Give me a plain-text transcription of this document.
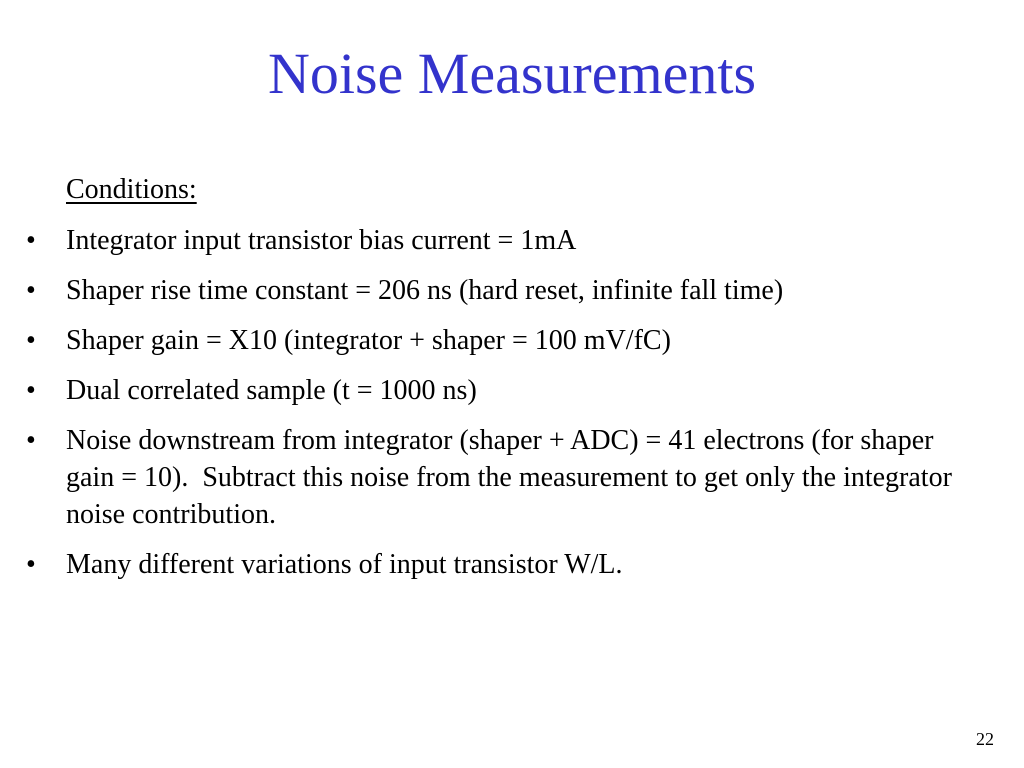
Noise Measurements
Conditions:
• Integrator input transistor bias current = 1mA
• Shaper rise time constant = 206 ns (hard reset, infinite fall time)
• Shaper gain = X10 (integrator + shaper = 100 mV/fC)
• Dual correlated sample (t = 1000 ns)
• Noise downstream from integrator (shaper + ADC) = 41 electrons (for shaper gain = 10).  Subtract this noise from the measurement to get only the integrator noise contribution.
• Many different variations of input transistor W/L.
22
